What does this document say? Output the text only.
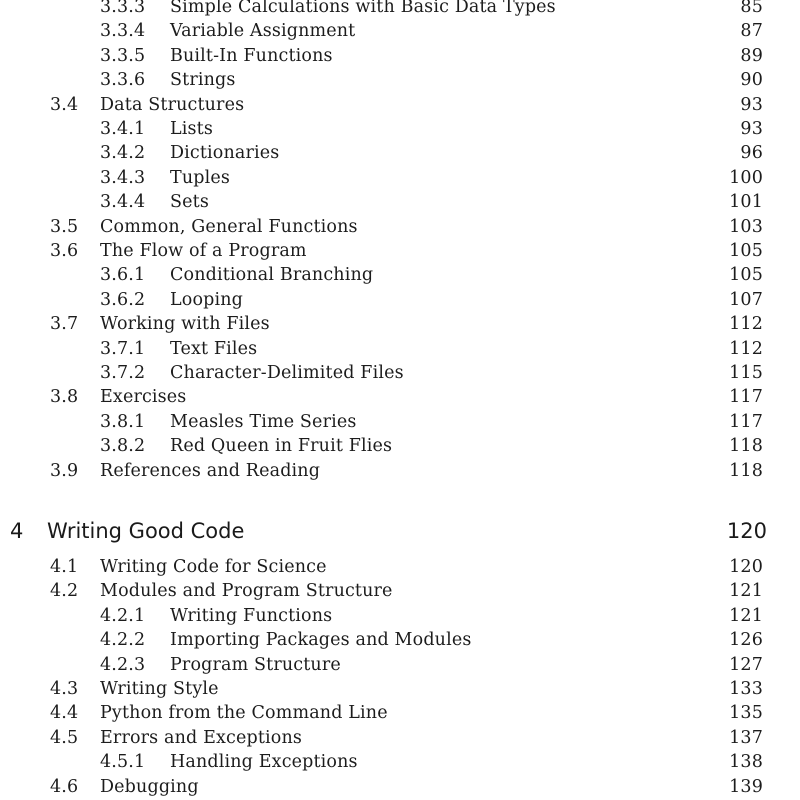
3.3.3 Simple Calculations with Basic Data Types	85
3.3.4 Variable Assignment	87
3.3.5 Built-In Functions	89
3.3.6 Strings	90
3.4 Data Structures	93
3.4.1 Lists	93
3.4.2 Dictionaries	96
3.4.3 Tuples	100
3.4.4 Sets	101
3.5 Common, General Functions	103
3.6 The Flow of a Program	105
3.6.1 Conditional Branching	105
3.6.2 Looping	107
3.7 Working with Files	112
3.7.1 Text Files	112
3.7.2 Character-Delimited Files	115
3.8 Exercises	117
3.8.1 Measles Time Series	117
3.8.2 Red Queen in Fruit Flies	118
3.9 References and Reading	118
4 Writing Good Code	120
4.1 Writing Code for Science	120
4.2 Modules and Program Structure	121
4.2.1 Writing Functions	121
4.2.2 Importing Packages and Modules	126
4.2.3 Program Structure	127
4.3 Writing Style	133
4.4 Python from the Command Line	135
4.5 Errors and Exceptions	137
4.5.1 Handling Exceptions	138
4.6 Debugging	139
